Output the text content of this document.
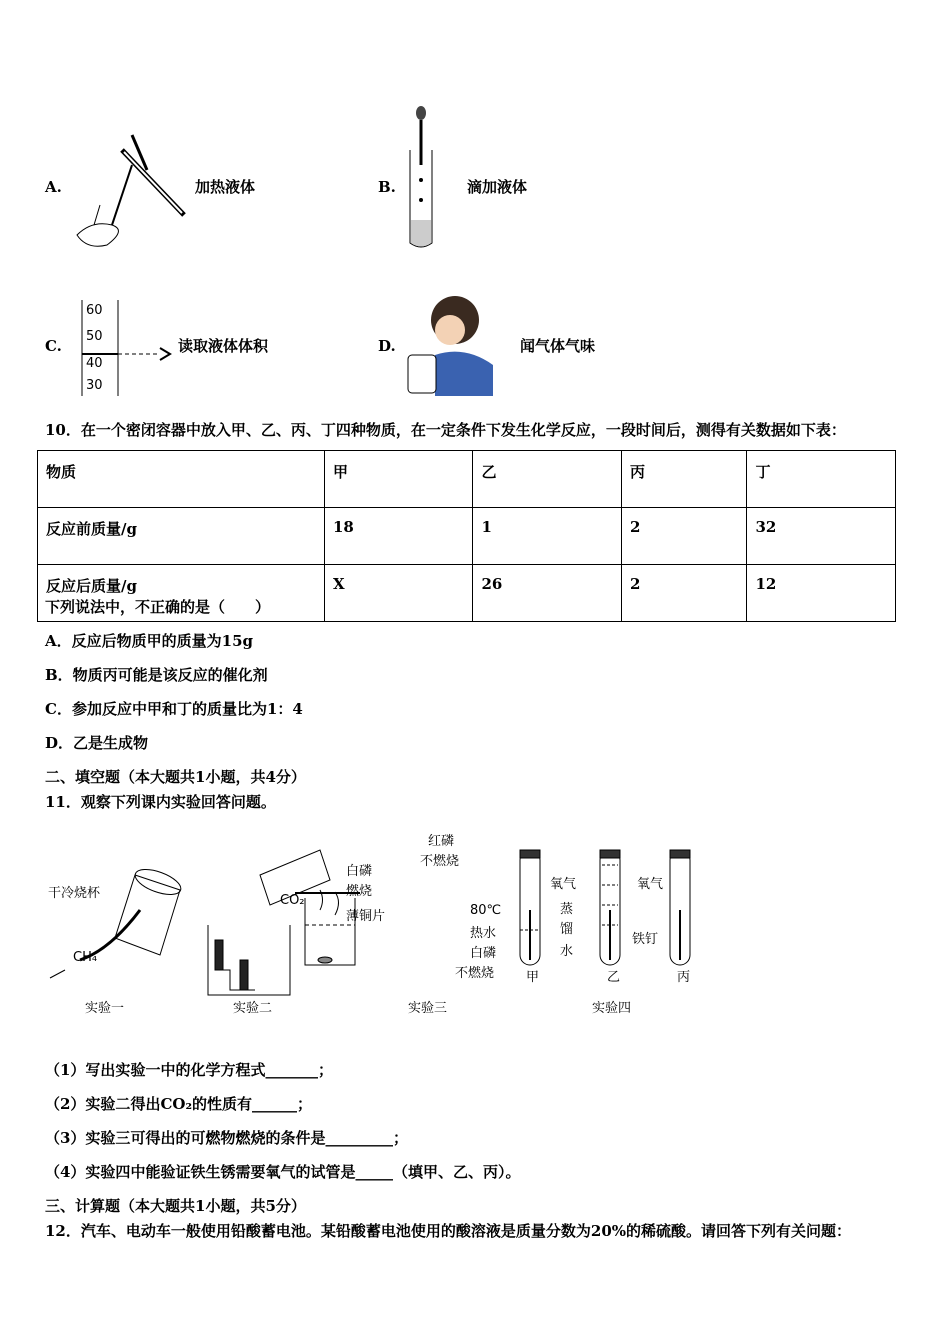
A.	加热液体	B.	滴加液体
C.
60
50
40
30
读取液体体积	D.	闻气体气味
10．在一个密闭容器中放入甲、乙、丙、丁四种物质，在一定条件下发生化学反应，一段时间后，测得有关数据如下表：
物质	甲	乙	丙	丁
反应前质量/g	18	1	2	32
反应后质量/g	X	26	2	12
下列说法中，不正确的是（　　）
A．反应后物质甲的质量为15g
B．物质丙可能是该反应的催化剂
C．参加反应中甲和丁的质量比为1：4
D．乙是生成物
二、填空题（本大题共1小题，共4分）
11．观察下列课内实验回答问题。
干冷烧杯
CH₄
实验一
CO₂
实验二
红磷
不燃烧
白磷
燃烧
薄铜片	80℃
热水
白磷
不燃烧
实验三
氧气
蒸
馏
水
铁钉
氧气
甲	乙	丙
实验四
（1）写出实验一中的化学方程式_______；
（2）实验二得出CO₂的性质有______；
（3）实验三可得出的可燃物燃烧的条件是_________；
（4）实验四中能验证铁生锈需要氧气的试管是_____（填甲、乙、丙）。
三、计算题（本大题共1小题，共5分）
12．汽车、电动车一般使用铅酸蓄电池。某铅酸蓄电池使用的酸溶液是质量分数为20%的稀硫酸。请回答下列有关问题：
